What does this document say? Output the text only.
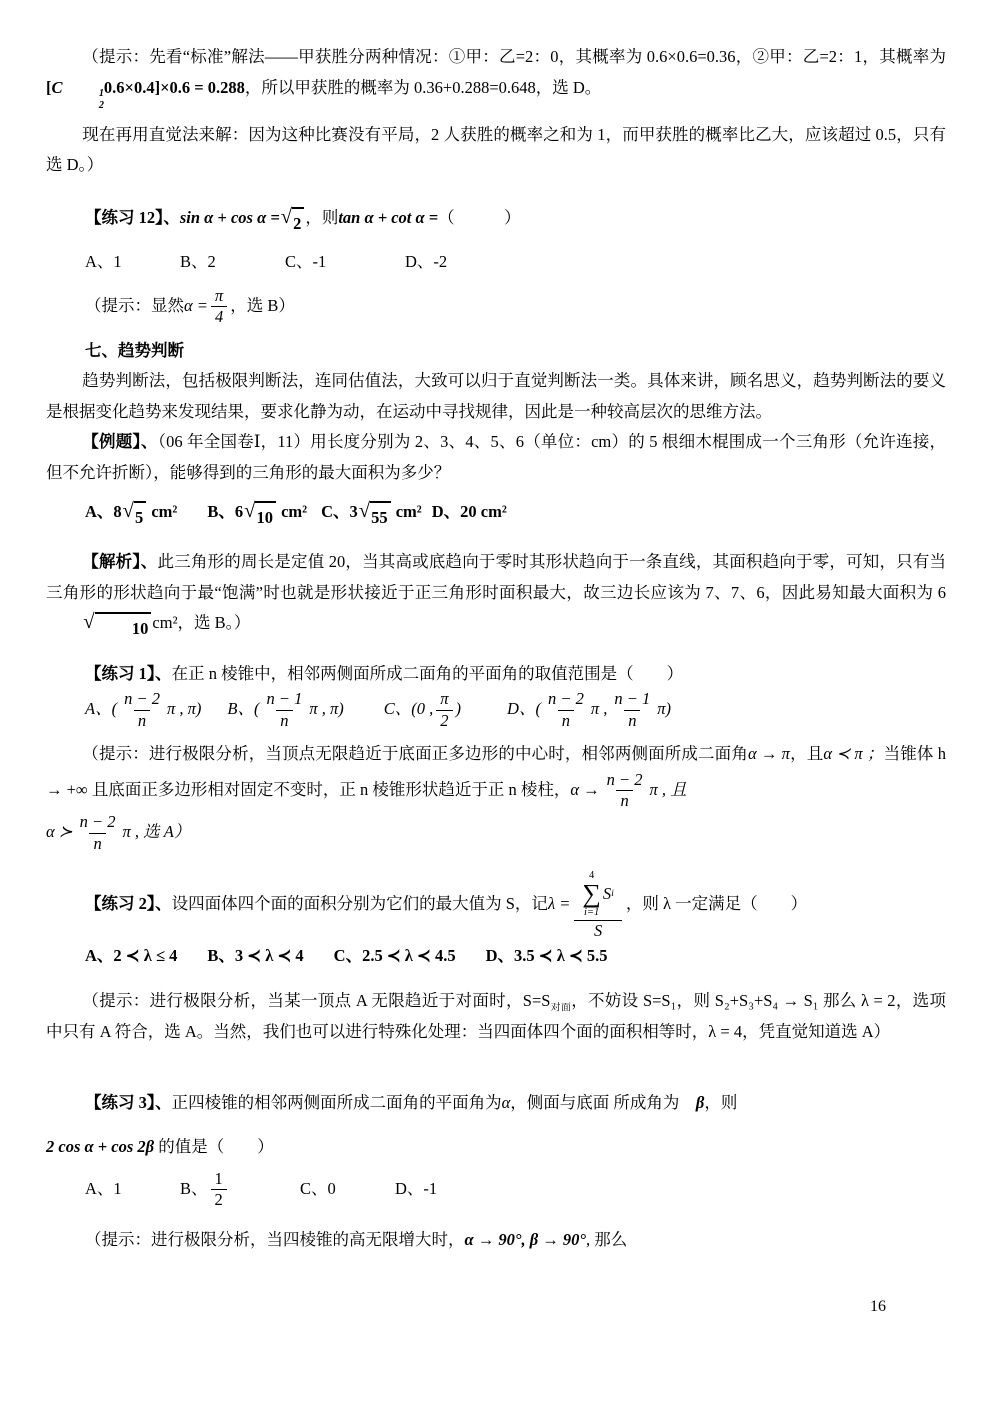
（提示：先看“标准”解法——甲获胜分两种情况：①甲：乙=2：0，其概率为 0.6×0.6=0.36，②甲：乙=2：1，其概率为[C	1
2
0.6×0.4]×0.6 = 0.288，所以甲获胜的概率为 0.36+0.288=0.648，选 D。

现在再用直觉法来解：因为这种比赛没有平局，2 人获胜的概率之和为 1，而甲获胜的概率比乙大，应该超过 0.5，只有选 D。）

【练习 12】、sin α + cos α = √ 2 ，则tan α + cot α =（　　　）
A、1	B、2	C、-1	D、-2
（提示：显然$\alpha = \frac{\pi}{4}$ ，选 B）
七、趋势判断

趋势判断法，包括极限判断法，连同估值法，大致可以归于直觉判断法一类。具体来讲，顾名思义，趋势判断法的要义是根据变化趋势来发现结果，要求化静为动，在运动中寻找规律，因此是一种较高层次的思维方法。

【例题】、（06 年全国卷Ⅰ，11）用长度分别为 2、3、4、5、6（单位：cm）的 5 根细木棍围成一个三角形（允许连接，但不允许折断），能够得到的三角形的最大面积为多少？

A、8 √ 5 cm² B、6 √ 10 cm² C、3 √ 55 cm² D、20 cm²

【解析】、此三角形的周长是定值 20，当其高或底趋向于零时其形状趋向于一条直线，其面积趋向于零，可知，只有当三角形的形状趋向于最“饱满”时也就是形状接近于正三角形时面积最大，故三边长应该为 7、7、6，因此易知最大面积为 6
√	10 cm²，选 B。）

【练习 1】、在正 n 棱锥中，相邻两侧面所成二面角的平面角的取值范围是（　　）
A、( $\frac{n - 2}{n}$ π , π) B、( $\frac{n - 1}{n}$ π , π) C、(0 , $\frac{\pi}{2}$ )	D、( $\frac{n - 2}{n}$ π , $\frac{n - 1}{n} \pi$)

（提示：进行极限分析，当顶点无限趋近于底面正多边形的中心时，相邻两侧面所成二面角α → π，且α ≺ π ；当锥体 h → +∞ 且底面正多边形相对固定不变时，正 n 棱锥形状趋近于正 n 棱柱，$\alpha \to \frac{n - 2}{n}$ π , 且
α ≻ $\frac{n - 2}{n}$ π , 选 A）

【练习 2】、设四面体四个面的面积分别为它们的最大值为 S，记λ = 4
∑
i=1
S i
S ，则 λ 一定满足（　　）
A、2 ≺ λ ≤ 4 B、3 ≺ λ ≺ 4 C、2.5 ≺ λ ≺ 4.5 D、3.5 ≺ λ ≺ 5.5

（提示：进行极限分析，当某一顶点 A 无限趋近于对面时，$S=S_{对面}$，不妨设 S=S₁，则 S₂+S₃+S₄ → S₁ 那么 λ = 2，选项中只有 A 符合，选 A。当然，我们也可以进行特殊化处理：当四面体四个面的面积相等时，λ = 4，凭直觉知道选 A）

【练习 3】、正四棱锥的相邻两侧面所成二面角的平面角为α，侧面与底面 所成角为　 β，则
2 cos α + cos 2β 的值是（　　）
A、1	B、 $\frac{1}{2}$	C、0	D、-1
（提示：进行极限分析，当四棱锥的高无限增大时，α → 90°, β → 90°, 那么
16
